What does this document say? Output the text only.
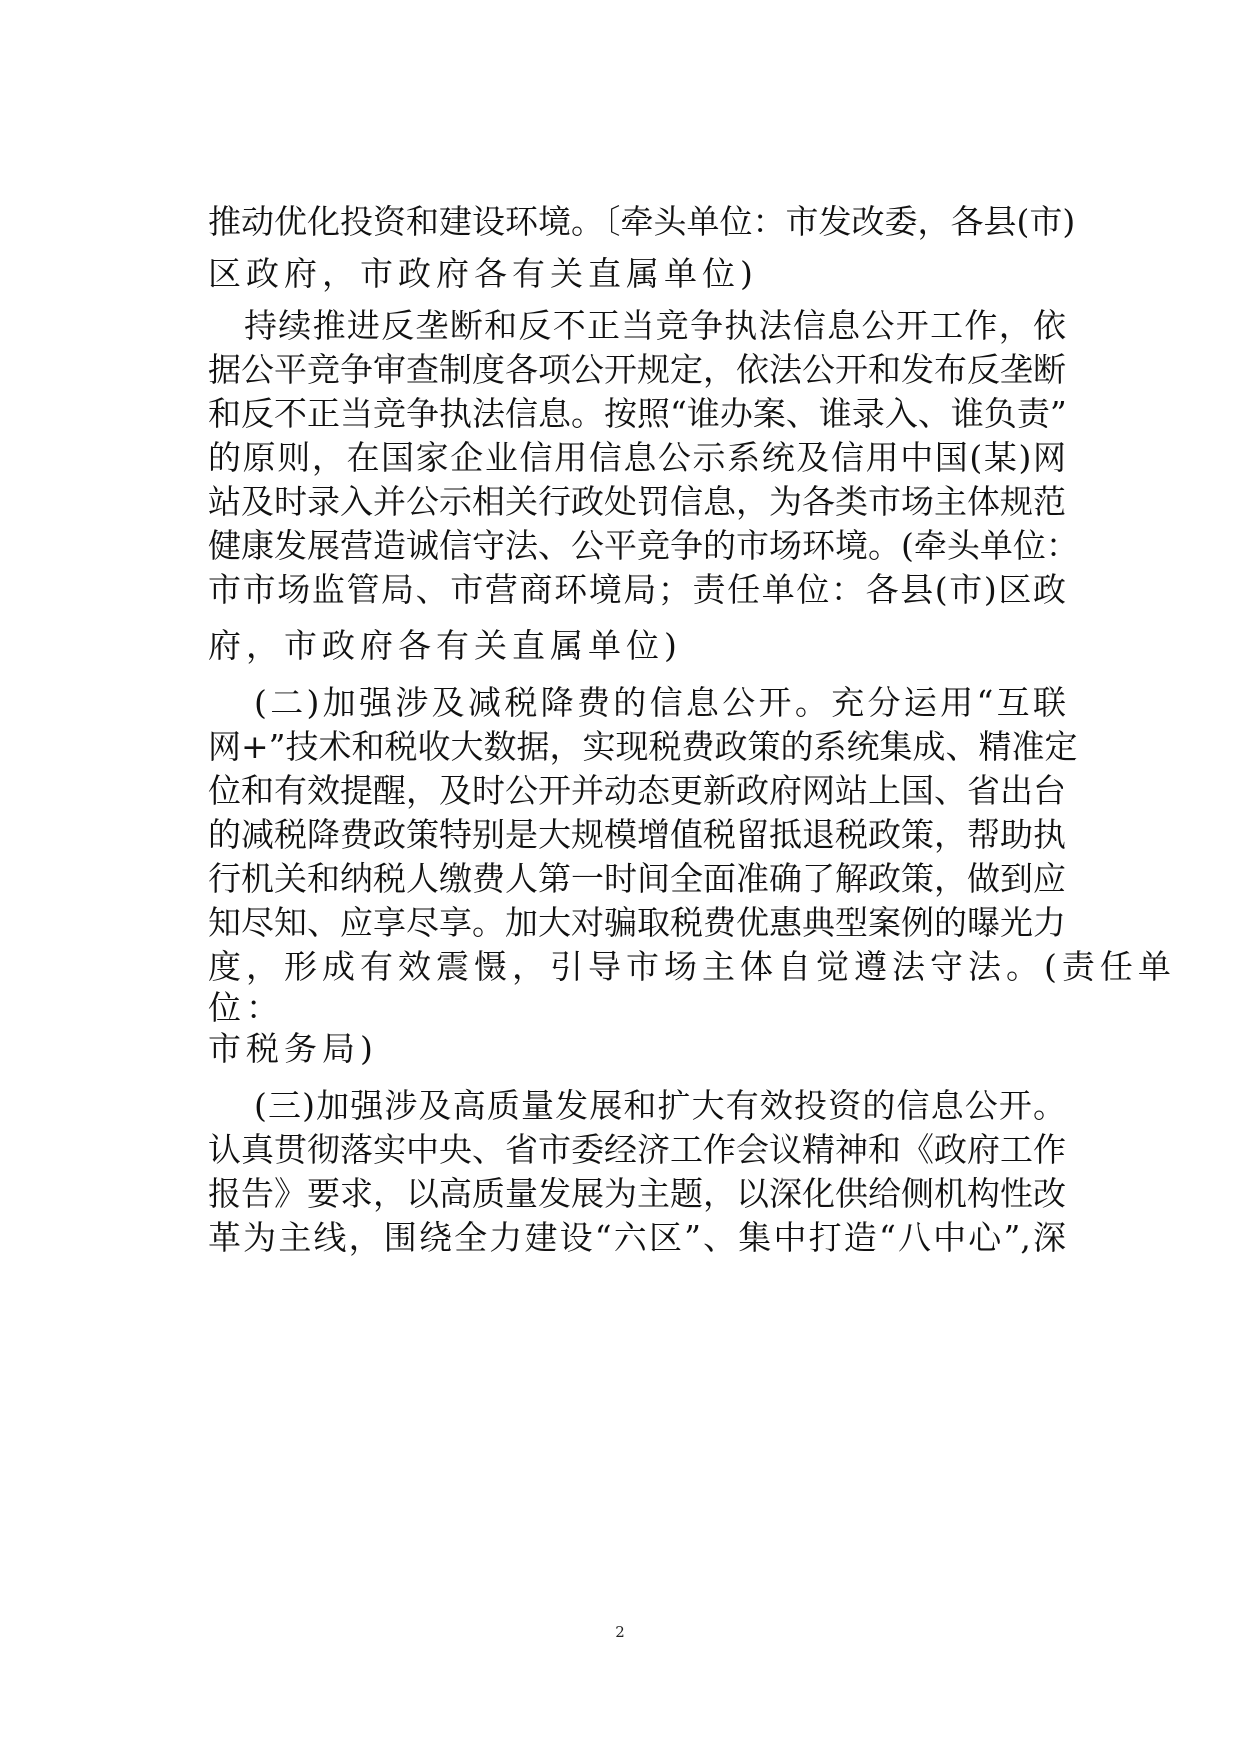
推动优化投资和建设环境。〔牵头单位：市发改委，各县(市)
区政府，市政府各有关直属单位)
持续推进反垄断和反不正当竞争执法信息公开工作，依
据公平竞争审查制度各项公开规定，依法公开和发布反垄断
和反不正当竞争执法信息。按照“谁办案、谁录入、谁负责”
的原则，在国家企业信用信息公示系统及信用中国(某)网
站及时录入并公示相关行政处罚信息，为各类市场主体规范
健康发展营造诚信守法、公平竞争的市场环境。(牵头单位：
市市场监管局、市营商环境局；责任单位：各县(市)区政
府，市政府各有关直属单位)
(二)加强涉及减税降费的信息公开。充分运用“互联
网+”技术和税收大数据，实现税费政策的系统集成、精准定
位和有效提醒，及时公开并动态更新政府网站上国、省出台
的减税降费政策特别是大规模增值税留抵退税政策，帮助执
行机关和纳税人缴费人第一时间全面准确了解政策，做到应
知尽知、应享尽享。加大对骗取税费优惠典型案例的曝光力
度，形成有效震慑，引导市场主体自觉遵法守法。(责任单
位：
市税务局)
(三)加强涉及高质量发展和扩大有效投资的信息公开。
认真贯彻落实中央、省市委经济工作会议精神和《政府工作
报告》要求，以高质量发展为主题，以深化供给侧机构性改
革为主线，围绕全力建设“六区”、集中打造“八中心”,深
2
